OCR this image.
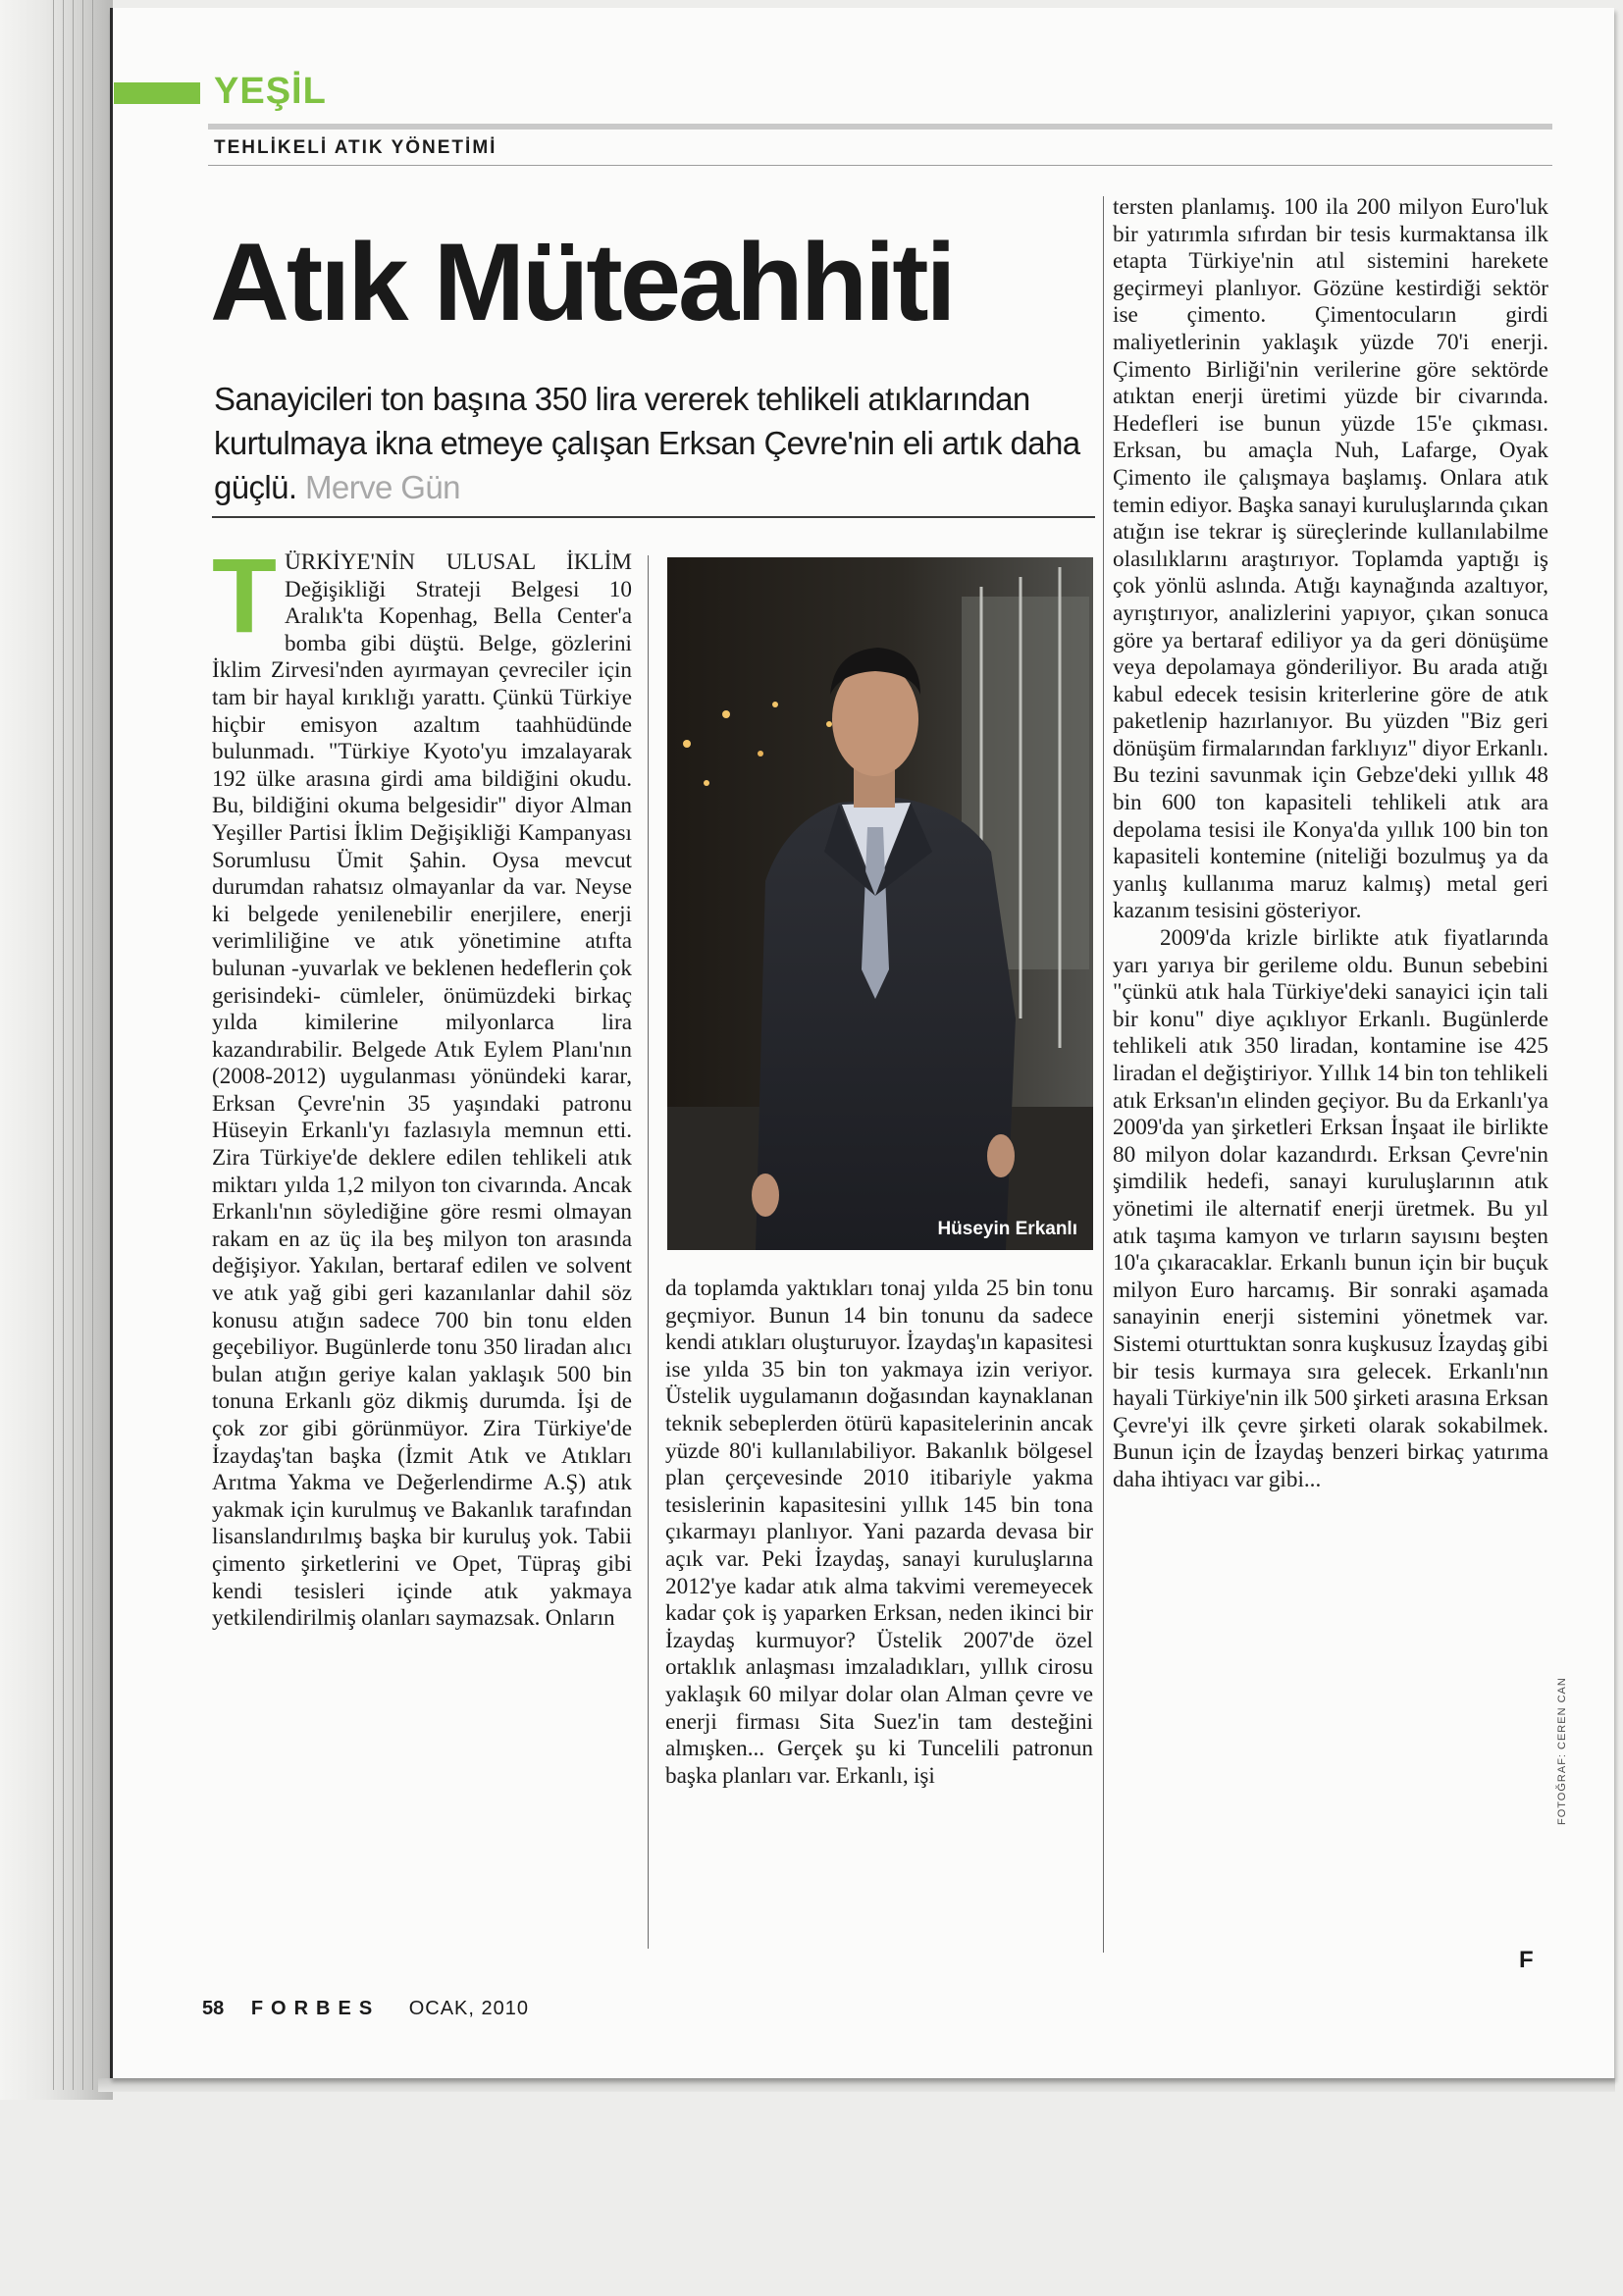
YEŞİL
TEHLİKELİ ATIK YÖNETİMİ
Atık Müteahhiti

Sanayicileri ton başına 350 lira vererek tehlikeli atıklarından kurtulmaya ikna etmeye çalışan Erksan Çevre'nin eli artık daha güçlü. Merve Gün

T ÜRKİYE'NİN ULUSAL İKLİM Değişikliği Strateji Belgesi 10 Aralık'ta Kopenhag, Bella Center'a bomba gibi düştü. Belge, gözlerini İklim Zirvesi'nden ayırmayan çevreciler için tam bir hayal kırıklığı yarattı. Çünkü Türkiye hiçbir emisyon azaltım taahhüdünde bulunmadı. "Türkiye Kyoto'yu imzalayarak 192 ülke arasına girdi ama bildiğini okudu. Bu, bildiğini okuma belgesidir" diyor Alman Yeşiller Partisi İklim Değişikliği Kampanyası Sorumlusu Ümit Şahin. Oysa mevcut durumdan rahatsız olmayanlar da var. Neyse ki belgede yenilenebilir enerjilere, enerji verimliliğine ve atık yönetimine atıfta bulunan -yuvarlak ve beklenen hedeflerin çok gerisindeki- cümleler, önümüzdeki birkaç yılda kimilerine milyonlarca lira kazandırabilir. Belgede Atık Eylem Planı'nın (2008-2012) uygulanması yönündeki karar, Erksan Çevre'nin 35 yaşındaki patronu Hüseyin Erkanlı'yı fazlasıyla memnun etti. Zira Türkiye'de deklere edilen tehlikeli atık miktarı yılda 1,2 milyon ton civarında. Ancak Erkanlı'nın söylediğine göre resmi olmayan rakam en az üç ila beş milyon ton arasında değişiyor. Yakılan, bertaraf edilen ve solvent ve atık yağ gibi geri kazanılanlar dahil söz konusu atığın sadece 700 bin tonu elden geçebiliyor. Bugünlerde tonu 350 liradan alıcı bulan atığın geriye kalan yaklaşık 500 bin tonuna Erkanlı göz dikmiş durumda. İşi de çok zor gibi görünmüyor. Zira Türkiye'de İzaydaş'tan başka (İzmit Atık ve Atıkları Arıtma Yakma ve Değerlendirme A.Ş) atık yakmak için kurulmuş ve Bakanlık tarafından lisanslandırılmış başka bir kuruluş yok. Tabii çimento şirketlerini ve Opet, Tüpraş gibi kendi tesisleri içinde atık yakmaya yetkilendirilmiş olanları saymazsak. Onların

Hüseyin Erkanlı

da toplamda yaktıkları tonaj yılda 25 bin tonu geçmiyor. Bunun 14 bin tonunu da sadece kendi atıkları oluşturuyor. İzaydaş'ın kapasitesi ise yılda 35 bin ton yakmaya izin veriyor. Üstelik uygulamanın doğasından kaynaklanan teknik sebeplerden ötürü kapasitelerinin ancak yüzde 80'i kullanılabiliyor. Bakanlık bölgesel plan çerçevesinde 2010 itibariyle yakma tesislerinin kapasitesini yıllık 145 bin tona çıkarmayı planlıyor. Yani pazarda devasa bir açık var. Peki İzaydaş, sanayi kuruluşlarına 2012'ye kadar atık alma takvimi veremeyecek kadar çok iş yaparken Erksan, neden ikinci bir İzaydaş kurmuyor? Üstelik 2007'de özel ortaklık anlaşması imzaladıkları, yıllık cirosu yaklaşık 60 milyar dolar olan Alman çevre ve enerji firması Sita Suez'in tam desteğini almışken... Gerçek şu ki Tuncelili patronun başka planları var. Erkanlı, işi

tersten planlamış. 100 ila 200 milyon Euro'luk bir yatırımla sıfırdan bir tesis kurmaktansa ilk etapta Türkiye'nin atıl sistemini harekete geçirmeyi planlıyor. Gözüne kestirdiği sektör ise çimento. Çimentocuların girdi maliyetlerinin yaklaşık yüzde 70'i enerji. Çimento Birliği'nin verilerine göre sektörde atıktan enerji üretimi yüzde bir civarında. Hedefleri ise bunun yüzde 15'e çıkması. Erksan, bu amaçla Nuh, Lafarge, Oyak Çimento ile çalışmaya başlamış. Onlara atık temin ediyor. Başka sanayi kuruluşlarında çıkan atığın ise tekrar iş süreçlerinde kullanılabilme olasılıklarını araştırıyor. Toplamda yaptığı iş çok yönlü aslında. Atığı kaynağında azaltıyor, ayrıştırıyor, analizlerini yapıyor, çıkan sonuca göre ya bertaraf ediliyor ya da geri dönüşüme veya depolamaya gönderiliyor. Bu arada atığı kabul edecek tesisin kriterlerine göre de atık paketlenip hazırlanıyor. Bu yüzden "Biz geri dönüşüm firmalarından farklıyız" diyor Erkanlı. Bu tezini savunmak için Gebze'deki yıllık 48 bin 600 ton kapasiteli tehlikeli atık ara depolama tesisi ile Konya'da yıllık 100 bin ton kapasiteli kontemine (niteliği bozulmuş ya da yanlış kullanıma maruz kalmış) metal geri kazanım tesisini gösteriyor.

2009'da krizle birlikte atık fiyatlarında yarı yarıya bir gerileme oldu. Bunun sebebini "çünkü atık hala Türkiye'deki sanayici için tali bir konu" diye açıklıyor Erkanlı. Bugünlerde tehlikeli atık 350 liradan, kontamine ise 425 liradan el değiştiriyor. Yıllık 14 bin ton tehlikeli atık Erksan'ın elinden geçiyor. Bu da Erkanlı'ya 2009'da yan şirketleri Erksan İnşaat ile birlikte 80 milyon dolar kazandırdı. Erksan Çevre'nin şimdilik hedefi, sanayi kuruluşlarının atık yönetimi ile alternatif enerji üretmek. Bu yıl atık taşıma kamyon ve tırların sayısını beşten 10'a çıkaracaklar. Erkanlı bunun için bir buçuk milyon Euro harcamış. Bir sonraki aşamada sanayinin enerji sistemini yönetmek var. Sistemi oturttuktan sonra kuşkusuz İzaydaş gibi bir tesis kurmaya sıra gelecek. Erkanlı'nın hayali Türkiye'nin ilk 500 şirketi arasına Erksan Çevre'yi ilk çevre şirketi olarak sokabilmek. Bunun için de İzaydaş benzeri birkaç yatırıma daha ihtiyacı var gibi...

F
FOTOĞRAF: CEREN CAN
58 FORBES OCAK, 2010
